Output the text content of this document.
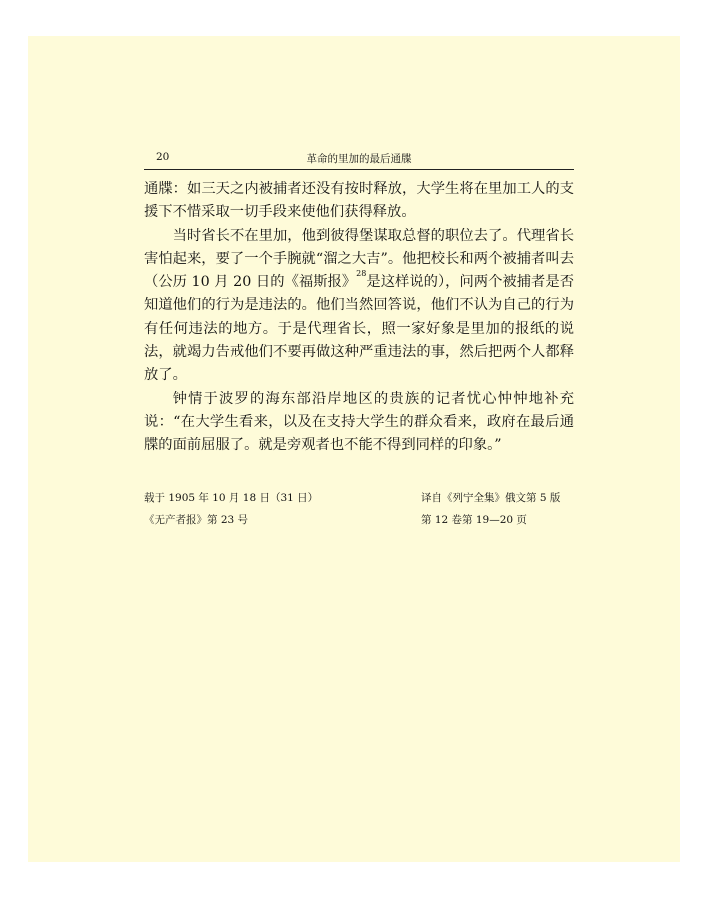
20	革命的里加的最后通牒

通牒：如三天之内被捕者还没有按时释放，大学生将在里加工人的支援下不惜采取一切手段来使他们获得释放。

当时省长不在里加，他到彼得堡谋取总督的职位去了。代理省长害怕起来，要了一个手腕就“溜之大吉”。他把校长和两个被捕者叫去（公历 10 月 20 日的《福斯报》$^{28}$是这样说的），问两个被捕者是否知道他们的行为是违法的。他们当然回答说，他们不认为自己的行为有任何违法的地方。于是代理省长，照一家好象是里加的报纸的说法，就竭力告戒他们不要再做这种严重违法的事，然后把两个人都释放了。

钟情于波罗的海东部沿岸地区的贵族的记者忧心忡忡地补充说：“在大学生看来，以及在支持大学生的群众看来，政府在最后通牒的面前屈服了。就是旁观者也不能不得到同样的印象。”

载于 1905 年 10 月 18 日（31 日）
《无产者报》第 23 号
译自《列宁全集》俄文第 5 版
第 12 卷第 19—20 页
